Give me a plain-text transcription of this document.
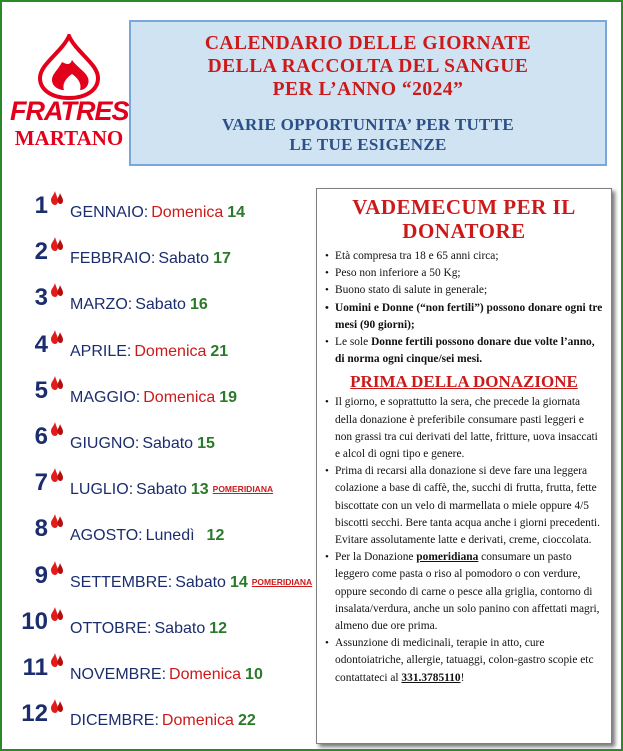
FRATRES
MARTANO
CALENDARIO DELLE GIORNATE
DELLA RACCOLTA DEL SANGUE
PER L’ANNO “2024”
VARIE OPPORTUNITA’ PER TUTTE
LE TUE ESIGENZE
1 GENNAIO: Domenica 14
2 FEBBRAIO: Sabato 17
3 MARZO: Sabato 16
4 APRILE: Domenica 21
5 MAGGIO: Domenica 19
6 GIUGNO: Sabato 15
7 LUGLIO: Sabato 13 POMERIDIANA
8 AGOSTO: Lunedì 12
9 SETTEMBRE: Sabato 14 POMERIDIANA
10 OTTOBRE: Sabato 12
11 NOVEMBRE: Domenica 10
12 DICEMBRE: Domenica 22
VADEMECUM PER IL
DONATORE
• Età compresa tra 18 e 65 anni circa;
• Peso non inferiore a 50 Kg;
• Buono stato di salute in generale;
• Uomini e Donne (“non fertili”) possono donare ogni tre mesi (90 giorni);
• Le sole Donne fertili possono donare due volte l’anno, di norma ogni cinque/sei mesi.
PRIMA DELLA DONAZIONE
• Il giorno, e soprattutto la sera, che precede la giornata della donazione è preferibile consumare pasti leggeri e non grassi tra cui derivati del latte, fritture, uova insaccati e alcol di ogni tipo e genere.
• Prima di recarsi alla donazione si deve fare una leggera colazione a base di caffè, the, succhi di frutta, frutta, fette biscottate con un velo di marmellata o miele oppure 4/5 biscotti secchi. Bere tanta acqua anche i giorni precedenti. Evitare assolutamente latte e derivati, creme, cioccolata.
• Per la Donazione pomeridiana consumare un pasto leggero come pasta o riso al pomodoro o con verdure, oppure secondo di carne o pesce alla griglia, contorno di insalata/verdura, anche un solo panino con affettati magri, almeno due ore prima.
• Assunzione di medicinali, terapie in atto, cure odontoiatriche, allergie, tatuaggi, colon-gastro scopie etc contattateci al 331.3785110!
